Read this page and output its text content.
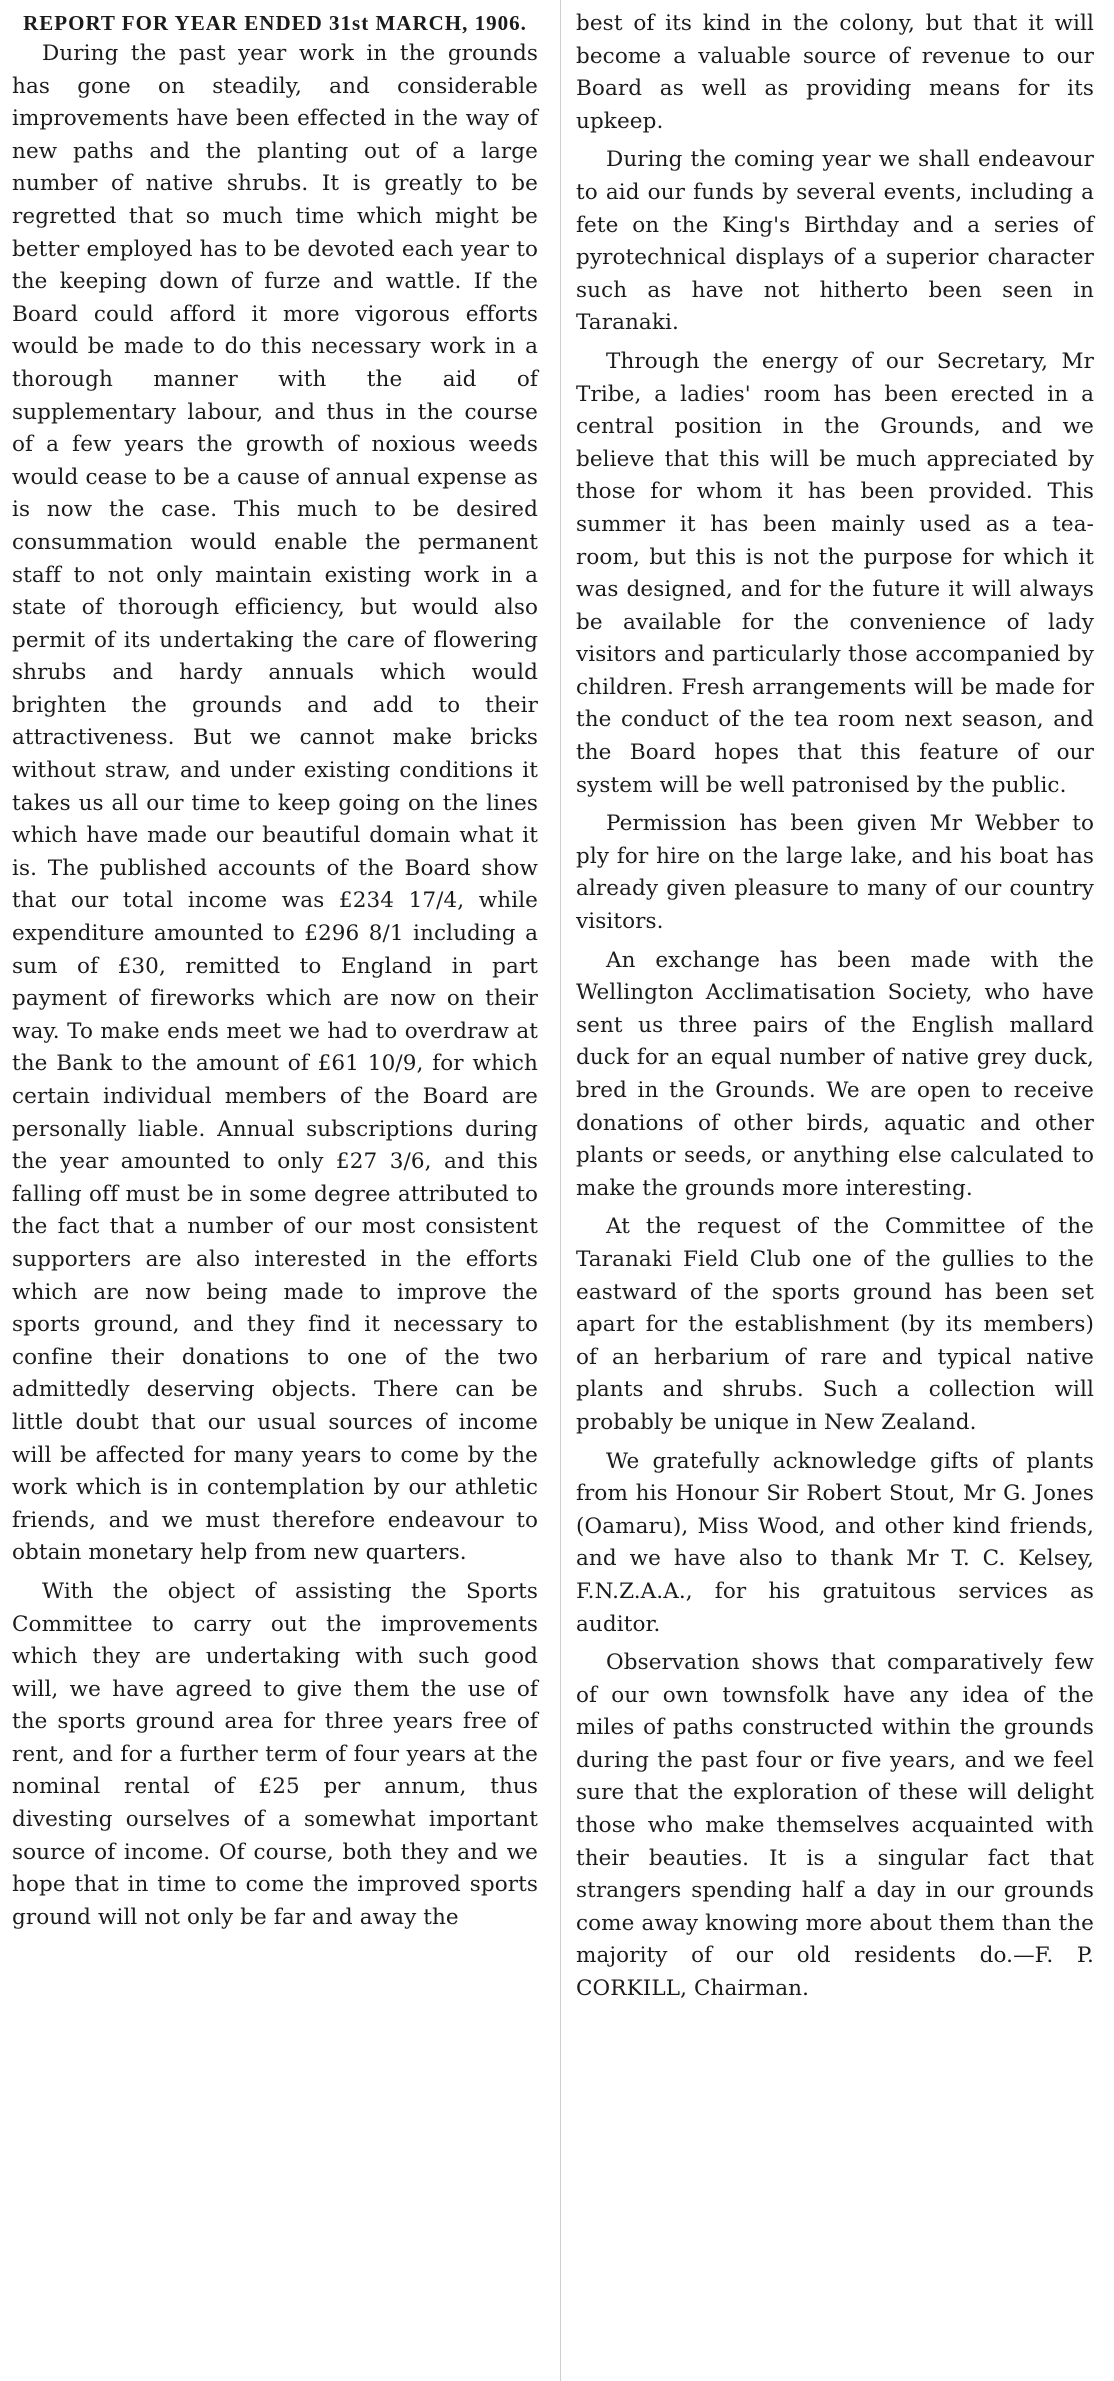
REPORT FOR YEAR ENDED 31st MARCH, 1906.

During the past year work in the grounds has gone on steadily, and considerable improvements have been effected in the way of new paths and the planting out of a large number of native shrubs. It is greatly to be regretted that so much time which might be better employed has to be devoted each year to the keeping down of furze and wattle. If the Board could afford it more vigorous efforts would be made to do this necessary work in a thorough manner with the aid of supplementary labour, and thus in the course of a few years the growth of noxious weeds would cease to be a cause of annual expense as is now the case. This much to be desired consummation would enable the permanent staff to not only maintain existing work in a state of thorough efficiency, but would also permit of its undertaking the care of flowering shrubs and hardy annuals which would brighten the grounds and add to their attractiveness. But we cannot make bricks without straw, and under existing conditions it takes us all our time to keep going on the lines which have made our beautiful domain what it is. The published accounts of the Board show that our total income was £234 17/4, while expenditure amounted to £296 8/1 including a sum of £30, remitted to England in part payment of fireworks which are now on their way. To make ends meet we had to overdraw at the Bank to the amount of £61 10/9, for which certain individual members of the Board are personally liable. Annual subscriptions during the year amounted to only £27 3/6, and this falling off must be in some degree attributed to the fact that a number of our most consistent supporters are also interested in the efforts which are now being made to improve the sports ground, and they find it necessary to confine their donations to one of the two admittedly deserving objects. There can be little doubt that our usual sources of income will be affected for many years to come by the work which is in contemplation by our athletic friends, and we must therefore endeavour to obtain monetary help from new quarters.

With the object of assisting the Sports Committee to carry out the improvements which they are undertaking with such good will, we have agreed to give them the use of the sports ground area for three years free of rent, and for a further term of four years at the nominal rental of £25 per annum, thus divesting ourselves of a somewhat important source of income. Of course, both they and we hope that in time to come the improved sports ground will not only be far and away the

best of its kind in the colony, but that it will become a valuable source of revenue to our Board as well as providing means for its upkeep.

During the coming year we shall endeavour to aid our funds by several events, including a fete on the King's Birthday and a series of pyrotechnical displays of a superior character such as have not hitherto been seen in Taranaki.

Through the energy of our Secretary, Mr Tribe, a ladies' room has been erected in a central position in the Grounds, and we believe that this will be much appreciated by those for whom it has been provided. This summer it has been mainly used as a tea-room, but this is not the purpose for which it was designed, and for the future it will always be available for the convenience of lady visitors and particularly those accompanied by children. Fresh arrangements will be made for the conduct of the tea room next season, and the Board hopes that this feature of our system will be well patronised by the public.

Permission has been given Mr Webber to ply for hire on the large lake, and his boat has already given pleasure to many of our country visitors.

An exchange has been made with the Wellington Acclimatisation Society, who have sent us three pairs of the English mallard duck for an equal number of native grey duck, bred in the Grounds. We are open to receive donations of other birds, aquatic and other plants or seeds, or anything else calculated to make the grounds more interesting.

At the request of the Committee of the Taranaki Field Club one of the gullies to the eastward of the sports ground has been set apart for the establishment (by its members) of an herbarium of rare and typical native plants and shrubs. Such a collection will probably be unique in New Zealand.

We gratefully acknowledge gifts of plants from his Honour Sir Robert Stout, Mr G. Jones (Oamaru), Miss Wood, and other kind friends, and we have also to thank Mr T. C. Kelsey, F.N.Z.A.A., for his gratuitous services as auditor.

Observation shows that comparatively few of our own townsfolk have any idea of the miles of paths constructed within the grounds during the past four or five years, and we feel sure that the exploration of these will delight those who make themselves acquainted with their beauties. It is a singular fact that strangers spending half a day in our grounds come away knowing more about them than the majority of our old residents do.—F. P. CORKILL, Chairman.
